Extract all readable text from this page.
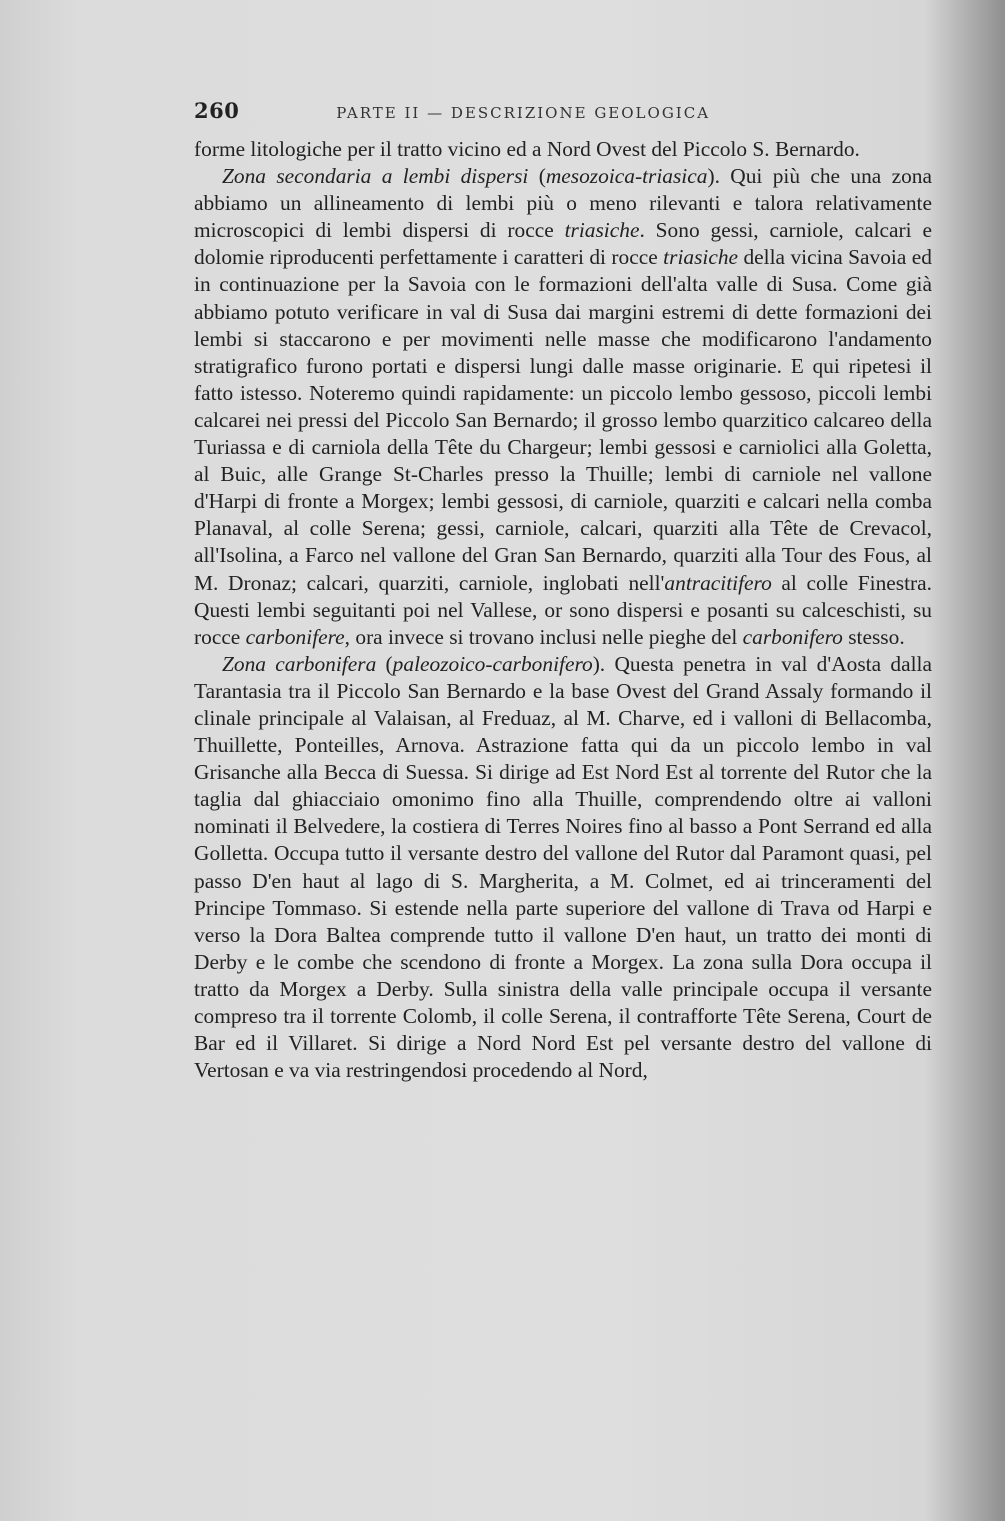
260	PARTE II — DESCRIZIONE GEOLOGICA

forme litologiche per il tratto vicino ed a Nord Ovest del Piccolo S. Bernardo.

Zona secondaria a lembi dispersi (mesozoica-triasica). Qui più che una zona abbiamo un allineamento di lembi più o meno rilevanti e talora relativamente microscopici di lembi dispersi di rocce triasiche. Sono gessi, carniole, calcari e dolomie riproducenti perfettamente i caratteri di rocce triasiche della vicina Savoia ed in continuazione per la Savoia con le formazioni dell'alta valle di Susa. Come già abbiamo potuto verificare in val di Susa dai margini estremi di dette formazioni dei lembi si staccarono e per movimenti nelle masse che modificarono l'andamento stratigrafico furono portati e dispersi lungi dalle masse originarie. E qui ripetesi il fatto istesso. Noteremo quindi rapidamente: un piccolo lembo gessoso, piccoli lembi calcarei nei pressi del Piccolo San Bernardo; il grosso lembo quarzitico calcareo della Turiassa e di carniola della Tête du Chargeur; lembi gessosi e carniolici alla Goletta, al Buic, alle Grange St-Charles presso la Thuille; lembi di carniole nel vallone d'Harpi di fronte a Morgex; lembi gessosi, di carniole, quarziti e calcari nella comba Planaval, al colle Serena; gessi, carniole, calcari, quarziti alla Tête de Crevacol, all'Isolina, a Farco nel vallone del Gran San Bernardo, quarziti alla Tour des Fous, al M. Dronaz; calcari, quarziti, carniole, inglobati nell'antracitifero al colle Finestra. Questi lembi seguitanti poi nel Vallese, or sono dispersi e posanti su calceschisti, su rocce carbonifere, ora invece si trovano inclusi nelle pieghe del carbonifero stesso.

Zona carbonifera (paleozoico-carbonifero). Questa penetra in val d'Aosta dalla Tarantasia tra il Piccolo San Bernardo e la base Ovest del Grand Assaly formando il clinale principale al Valaisan, al Freduaz, al M. Charve, ed i valloni di Bellacomba, Thuillette, Ponteilles, Arnova. Astrazione fatta qui da un piccolo lembo in val Grisanche alla Becca di Suessa. Si dirige ad Est Nord Est al torrente del Rutor che la taglia dal ghiacciaio omonimo fino alla Thuille, comprendendo oltre ai valloni nominati il Belvedere, la costiera di Terres Noires fino al basso a Pont Serrand ed alla Golletta. Occupa tutto il versante destro del vallone del Rutor dal Paramont quasi, pel passo D'en haut al lago di S. Margherita, a M. Colmet, ed ai trinceramenti del Principe Tommaso. Si estende nella parte superiore del vallone di Trava od Harpi e verso la Dora Baltea comprende tutto il vallone D'en haut, un tratto dei monti di Derby e le combe che scendono di fronte a Morgex. La zona sulla Dora occupa il tratto da Morgex a Derby. Sulla sinistra della valle principale occupa il versante compreso tra il torrente Colomb, il colle Serena, il contrafforte Tête Serena, Court de Bar ed il Villaret. Si dirige a Nord Nord Est pel versante destro del vallone di Vertosan e va via restringendosi procedendo al Nord,
